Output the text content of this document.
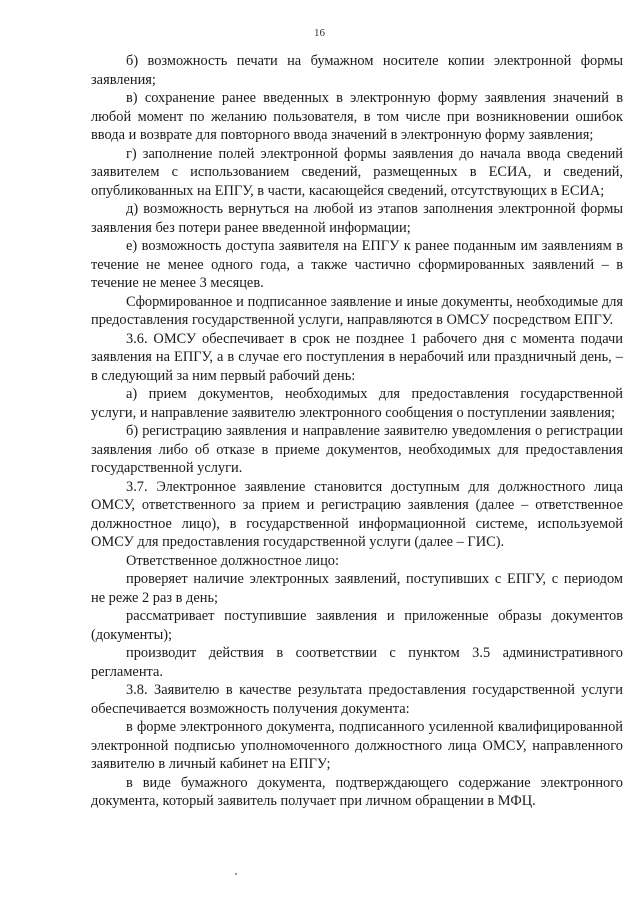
16

б) возможность печати на бумажном носителе копии электронной формы заявления;

в) сохранение ранее введенных в электронную форму заявления значений в любой момент по желанию пользователя, в том числе при возникновении ошибок ввода и возврате для повторного ввода значений в электронную форму заявления;

г) заполнение полей электронной формы заявления до начала ввода сведений заявителем с использованием сведений, размещенных в ЕСИА, и сведений, опубликованных на ЕПГУ, в части, касающейся сведений, отсутствующих в ЕСИА;

д) возможность вернуться на любой из этапов заполнения электронной формы заявления без потери ранее введенной информации;

е) возможность доступа заявителя на ЕПГУ к ранее поданным им заявлениям в течение не менее одного года, а также частично сформированных заявлений – в течение не менее 3 месяцев.

Сформированное и подписанное заявление и иные документы, необходимые для предоставления государственной услуги, направляются в ОМСУ посредством ЕПГУ.

3.6. ОМСУ обеспечивает в срок не позднее 1 рабочего дня с момента подачи заявления на ЕПГУ, а в случае его поступления в нерабочий или праздничный день, – в следующий за ним первый рабочий день:

а) прием документов, необходимых для предоставления государственной услуги, и направление заявителю электронного сообщения о поступлении заявления;

б) регистрацию заявления и направление заявителю уведомления о регистрации заявления либо об отказе в приеме документов, необходимых для предоставления государственной услуги.

3.7. Электронное заявление становится доступным для должностного лица ОМСУ, ответственного за прием и регистрацию заявления (далее – ответственное должностное лицо), в государственной информационной системе, используемой ОМСУ для предоставления государственной услуги (далее – ГИС).

Ответственное должностное лицо:

проверяет наличие электронных заявлений, поступивших с ЕПГУ, с периодом не реже 2 раз в день;

рассматривает поступившие заявления и приложенные образы документов (документы);

производит действия в соответствии с пунктом 3.5 административного регламента.

3.8. Заявителю в качестве результата предоставления государственной услуги обеспечивается возможность получения документа:

в форме электронного документа, подписанного усиленной квалифицированной электронной подписью уполномоченного должностного лица ОМСУ, направленного заявителю в личный кабинет на ЕПГУ;

в виде бумажного документа, подтверждающего содержание электронного документа, который заявитель получает при личном обращении в МФЦ.
